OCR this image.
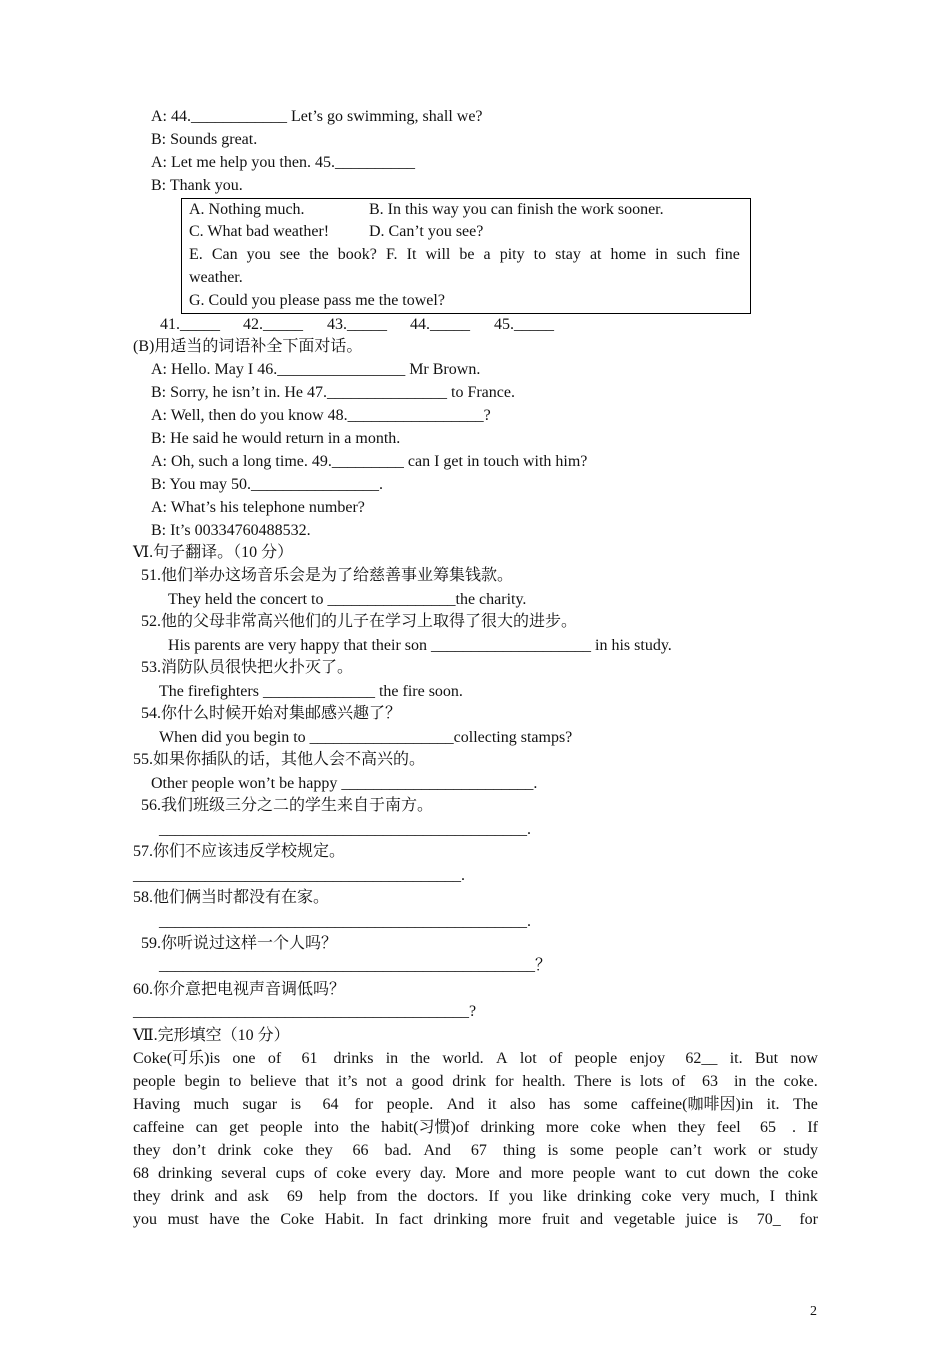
A: 44.____________ Let’s go swimming, shall we?
B: Sounds great.
A: Let me help you then. 45.__________
B: Thank you.
A. Nothing much.	B. In this way you can finish the work sooner.
C. What bad weather! D. Can’t you see?
E. Can you see the book? F. It will be a pity to stay at home in such fine
weather.
G. Could you please pass me the towel?
41._____ 42._____ 43._____ 44._____ 45._____
(B)用适当的词语补全下面对话。
A: Hello. May I 46.________________ Mr Brown.
B: Sorry, he isn’t in. He 47._______________ to France.
A: Well, then do you know 48._________________?
B: He said he would return in a month.
A: Oh, such a long time. 49._________ can I get in touch with him?
B: You may 50.________________.
A: What’s his telephone number?
B: It’s 00334760488532.
Ⅵ.句子翻译。（10 分）
51.他们举办这场音乐会是为了给慈善事业筹集钱款。
They held the concert to ________________the charity.
52.他的父母非常高兴他们的儿子在学习上取得了很大的进步。
His parents are very happy that their son ____________________ in his study.
53.消防队员很快把火扑灭了。
The firefighters ______________ the fire soon.
54.你什么时候开始对集邮感兴趣了？
When did you begin to __________________collecting stamps?
55.如果你插队的话，其他人会不高兴的。
Other people won’t be happy ________________________.
56.我们班级三分之二的学生来自于南方。
______________________________________________.
57.你们不应该违反学校规定。
_________________________________________.
58.他们俩当时都没有在家。
______________________________________________.
59.你听说过这样一个人吗？
_______________________________________________？
60.你介意把电视声音调低吗？
__________________________________________?
Ⅶ.完形填空（10 分）
Coke(可乐)is one of 61    drinks in the world. A lot of people enjoy 62__ it. But now
people begin to believe that it’s not a good drink for health. There is lots of 63    in the coke.
Having much sugar is 64    for people. And it also has some caffeine(咖啡因)in it. The
caffeine can get people into the habit(习惯)of drinking more coke when they feel 65    . If
they don’t drink coke they 66    bad. And 67    thing is some people can’t work or study
68 drinking several cups of coke every day. More and more people want to cut down the coke
they drink and ask 69    help from the doctors. If you like drinking coke very much, I think
you must have the Coke Habit. In fact drinking more fruit and vegetable juice is 70_ for
2
